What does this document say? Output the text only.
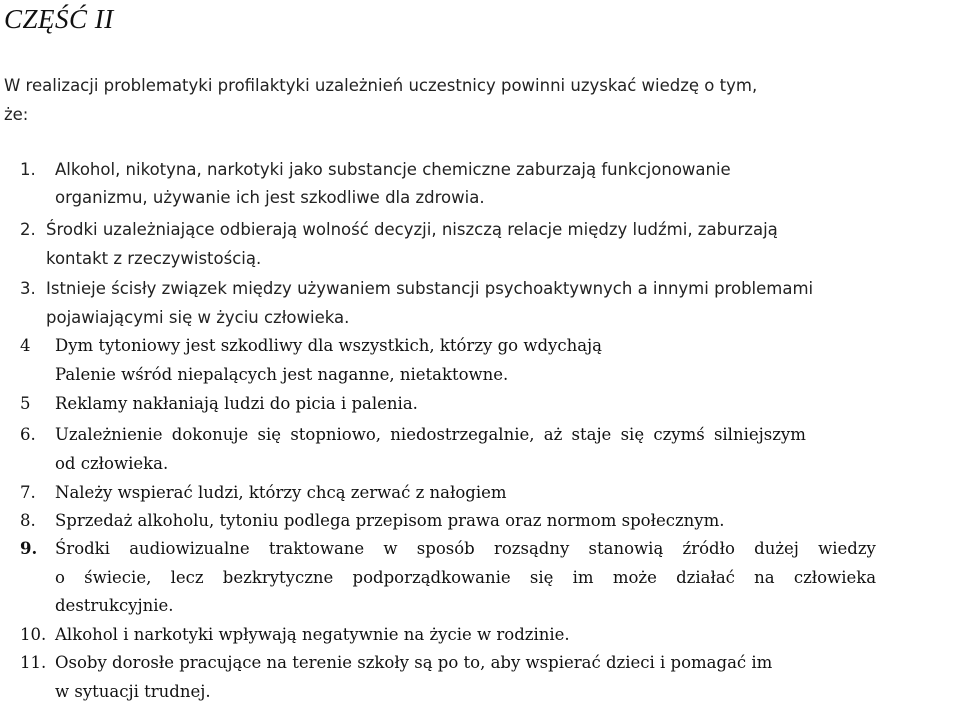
CZĘŚĆ II
W realizacji problematyki profilaktyki uzależnień uczestnicy powinni uzyskać wiedzę o tym,
że:
1. Alkohol, nikotyna, narkotyki jako substancje chemiczne zaburzają funkcjonowanie
organizmu, używanie ich jest szkodliwe dla zdrowia.
2. Środki uzależniające odbierają wolność decyzji, niszczą relacje między ludźmi, zaburzają
kontakt z rzeczywistością.
3. Istnieje ścisły związek między używaniem substancji psychoaktywnych a innymi problemami
pojawiającymi się w życiu człowieka.
4 Dym tytoniowy jest szkodliwy dla wszystkich, którzy go wdychają
Palenie wśród niepalących jest naganne, nietaktowne.
5 Reklamy nakłaniają ludzi do picia i palenia.
6. Uzależnienie dokonuje się stopniowo, niedostrzegalnie, aż staje się czymś silniejszym
od człowieka.
7. Należy wspierać ludzi, którzy chcą zerwać z nałogiem
8. Sprzedaż alkoholu, tytoniu podlega przepisom prawa oraz normom społecznym.
9. Środki audiowizualne traktowane w sposób rozsądny stanowią źródło dużej wiedzy
o świecie, lecz bezkrytyczne podporządkowanie się im może działać na człowieka
destrukcyjnie.
10. Alkohol i narkotyki wpływają negatywnie na życie w rodzinie.
11. Osoby dorosłe pracujące na terenie szkoły są po to, aby wspierać dzieci i pomagać im
w sytuacji trudnej.
